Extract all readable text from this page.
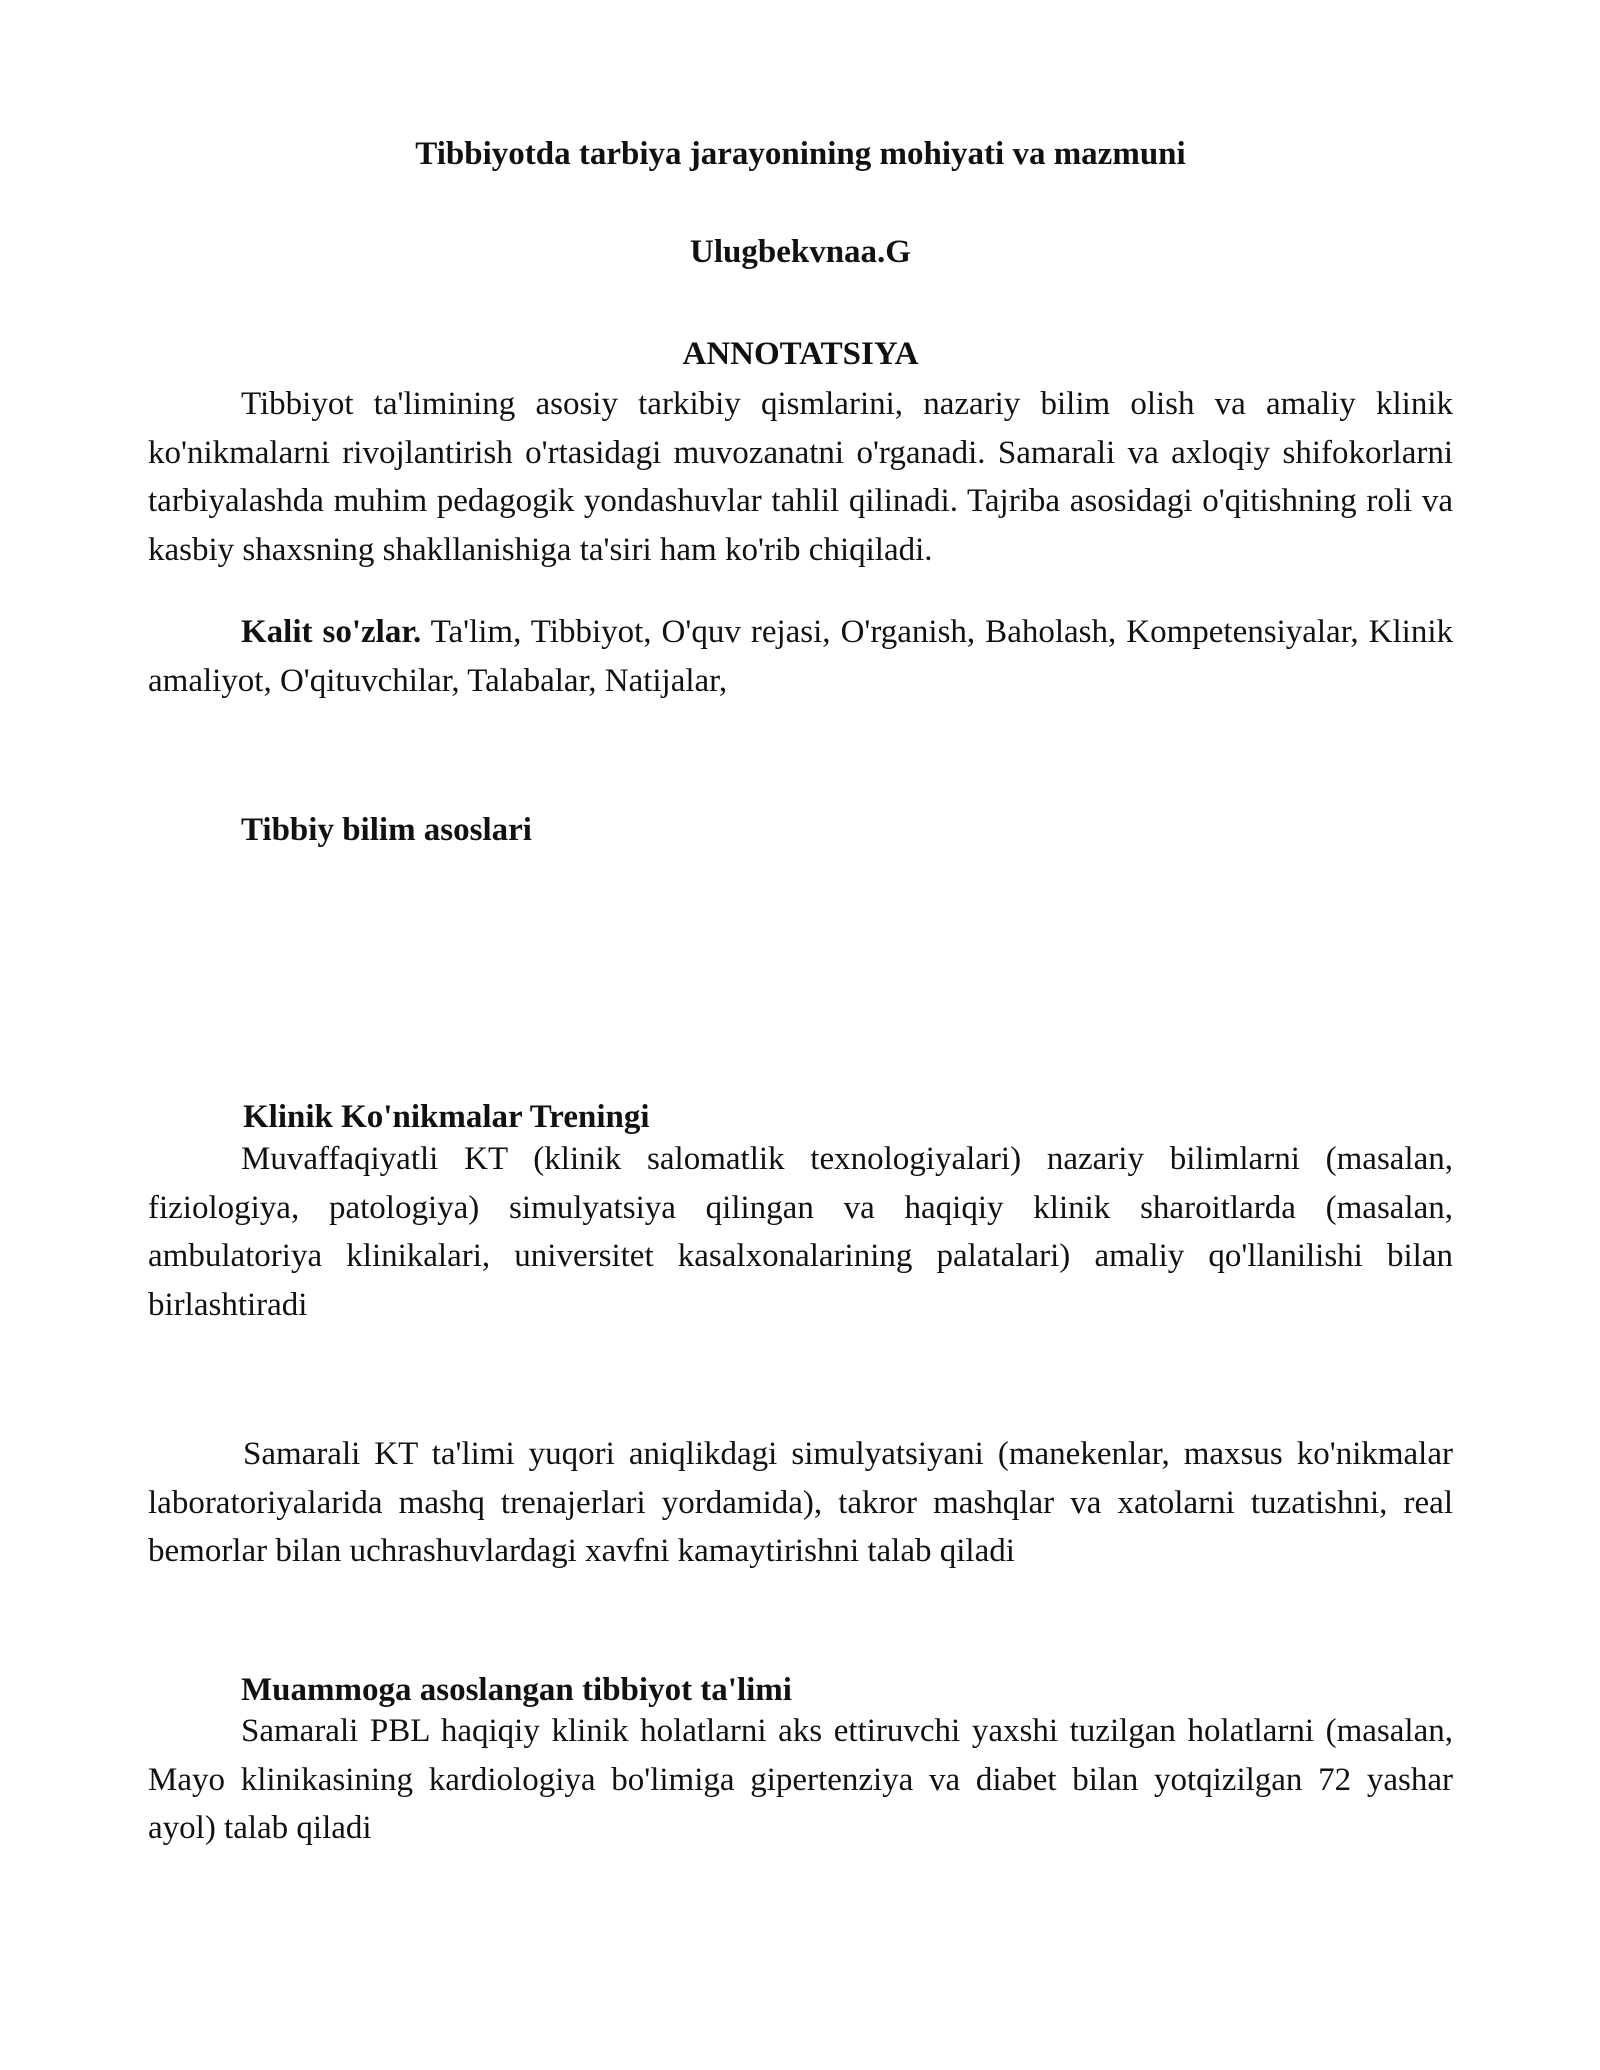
Tibbiyotda tarbiya jarayonining mohiyati va mazmuni
Ulugbekvnaa.G
ANNOTATSIYA

Tibbiyot ta'limining asosiy tarkibiy qismlarini, nazariy bilim olish va amaliy klinik ko'nikmalarni rivojlantirish o'rtasidagi muvozanatni o'rganadi. Samarali va axloqiy shifokorlarni tarbiyalashda muhim pedagogik yondashuvlar tahlil qilinadi. Tajriba asosidagi o'qitishning roli va kasbiy shaxsning shakllanishiga ta'siri ham ko'rib chiqiladi.

Kalit so'zlar. Ta'lim, Tibbiyot, O'quv rejasi, O'rganish, Baholash, Kompetensiyalar, Klinik amaliyot, O'qituvchilar, Talabalar, Natijalar,

Tibbiy bilim asoslari
Klinik Ko'nikmalar Treningi

Muvaffaqiyatli KT (klinik salomatlik texnologiyalari) nazariy bilimlarni (masalan, fiziologiya, patologiya) simulyatsiya qilingan va haqiqiy klinik sharoitlarda (masalan, ambulatoriya klinikalari, universitet kasalxonalarining palatalari) amaliy qo'llanilishi bilan birlashtiradi

Samarali KT ta'limi yuqori aniqlikdagi simulyatsiyani (manekenlar, maxsus ko'nikmalar laboratoriyalarida mashq trenajerlari yordamida), takror mashqlar va xatolarni tuzatishni, real bemorlar bilan uchrashuvlardagi xavfni kamaytirishni talab qiladi

Muammoga asoslangan tibbiyot ta'limi

Samarali PBL haqiqiy klinik holatlarni aks ettiruvchi yaxshi tuzilgan holatlarni (masalan, Mayo klinikasining kardiologiya bo'limiga gipertenziya va diabet bilan yotqizilgan 72 yashar ayol) talab qiladi
